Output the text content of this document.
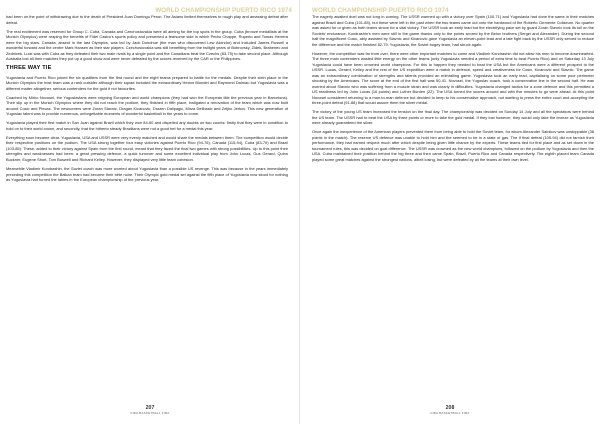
WORLD CHAMPIONSHIP PUERTO RICO 1974

had been on the point of withdrawing due to the death of President Juan Domingo Peron. The Asians limited themselves to rough play and amassing defeat after defeat.

The real excitement was reserved for Group C. Cuba, Canada and Czechoslovakia were all aiming for the top spots in the group. Cuba (bronze medallists at the Munich Olympics) were reaping the benefits of Fidel Castro's sports policy and presented a fearsome side in which Pedro Chappe, Ruperto and Tomas Herrera were the big stars. Canada, absent in the last Olympics, was led by Jack Donohue (the man who discovered Lew Alcindor) and included James Russell a wonderful forward and the centre Mark Hansen as their star players. Czechoslovakia was still benefiting from the twilight years of Bobrovsky, Zidek, Brabenec and Zednicek. Luck was with Cuba as they defeated their two main rivals by a single point and the Canadians beat the Czechs (83-75) to take second place. Although Australia lost all their matches they put up a good show and were never defeated by the scores received by the CAR or the Philippines.

THREE WAY TIE

Yugoslavia and Puerto Rico joined the six qualifiers from the first round and the eight teams prepared to battle for the medals. Despite their sixth place in the Munich Olympics the host team was a rank outsider although their squad included the extraordinary Hector Blondet and Raymond Dalmau but Yugoslavia was a different matter altogether, serious contenders for the gold if not favourites.

Coached by Mirko Novosel, the Yugoslavians were reigning European and world champions (they had won the European title the previous year in Barcelona). Their slip up in the Munich Olympics where they did not reach the podium, they finished in fifth place, instigated a renovation of the team which was now built around Cosic and Plecas. The newcomers were Zoran Slavnic, Dragan Kicanovic, Drazen Dalipagic, Mirza Delibasic and Zeljko Jerkov. This new generation of Yugoslav talent was to provide numerous, unforgettable moments of wonderful basketball in the years to come.

Yugoslavia played their first match in San Juan against Brazil which they won 84-60 and dispelled any doubts on two counts: firstly that they were in condition to hold on to their world crown, and secondly, that the hitherto steady Brazilians were not a good bet for a medal this year.

Everything soon became clear. Yugoslavia, USA and USSR were very evenly matched and would share the medals between them. The competition would decide their respective positions on the podium. The USA strung together four easy victories against Puerto Rico (94-76), Canada (115-94), Cuba (83-70) and Brazil (103-85). These, added to their victory against Spain from the first round, meant that they faced the final two games with strong possibilities. Up to this point their strengths and weaknesses had been: a great pressing defence, a quick turnover and some excellent individual play from John Lucas, Gus Gerard, Quinn Buckner, Eugene Short, Tom Boswell and Richard Kelley. However, they displayed very little team cohesion.

Meanwhile Vladimir Kondrashin, the Soviet coach was more worried about Yugoslavia than a possible US revenge. This was because in the years immediately preceding this competition the Balkan team had become their bête noire. Their Olympic gold medal set against the fifth place of Yugoslavia now stood for nothing as Yugoslavia had turned the tables in the European championship of the previous year.

207
FIBA BASKETBALL FIBA
WORLD CHAMPIONSHIP PUERTO RICO 1974

The eagerly awaited duel was not long in coming. The USSR warmed up with a victory over Spain (100-71) and Yugoslavia had done the same in their matches against Brazil and Cuba (101-85), but these were left in the past when the two teams came out onto the hardwood of the Roberto Clemente Coliseum. No quarter was asked for or given as both teams strove for a vital victory. The USSR took an early lead but the electrifying pace set by guard Zoran Slavnic took its toll on the Soviets' endurance. Kondrashin's men were still in the game thanks only to the points scored by the Belov brothers (Sergei and Alexander). During the second half the magnificent Cosic, ably assisted by Slavnic and Kicanovic gave Yugoslavia an eleven-point lead and a late fight back by the USSR only served to reduce the difference and the match finished 82-79. Yugoslavia, the Soviet bogey team, had struck again.

However, the competition was far from over, there were other important matches to come and Vladimir Kondrashin did not allow his men to become downhearted. The three main contenders wasted little energy on the other teams (only Yugoslavia needed a period of extra time to beat Puerto Rico) and on Saturday 13 July Yugoslavia could have been crowned world champions. For this to happen they needed to beat the USA but the Americans were a different prospect to the USSR. Lucas, Gerard, Kelley and the rest of the US expedition were a match in defence, speed and creativeness for Cosic, Kicanovic and Slavnic. The game was an extraordinary combination of strengths and talents provided an enthralling game. Yugoslavia took an early lead, capitalising on some poor perimeter shooting by the Americans. The score at the end of the first half was 50-41. Novosel, the Yugoslav coach, took a conservative line in the second half. He was worried about Slavnic who was suffering from a muscle strain and was clearly in difficulties. Yugoslavia changed tactics for a zone defence and this permitted a US readiness led by John Lucas (16 points) and Luther Burden (22). The USA turned the scores around and with five minutes to go were ahead. At this point Novosel considered returning to a man-to-man defence but decided to keep to his conservative approach, not wanting to press the entire court and accepting the three-point defeat (91-88) that would assure them the silver medal.

The victory of the young US team increased the tension on the final day. The championship was decided on Sunday 14 July and all the spectators were behind the US team. The USSR had to beat the USA by three points or more to take the gold medal. If they lost however, they would only take the bronze as Yugoslavia were already guaranteed the silver.

Once again the inexperience of the American players prevented them from being able to hold the Soviet team, for whom Alexander Salnikov was unstoppable (38 points in the match). The reserve US defence was unable to hold him and the seemed to be in a state of gas. The if final defeat (105-94) did not tarnish their performance, they had earned respect much after which despite being given little chance by the experts. These teams tied for first place and as set down in the tournament rules, this was decided on goal difference. The USSR was crowned as the new world champions, followed on the podium by Yugoslavia and then the USA. Cuba maintained their position behind the big three and then came Spain, Brazil, Puerto Rico and Canada respectively. The eighth placed team Canada played some great matches against the strongest nations, albeit losing, but were defeated by all the teams at their own level.

208
FIBA BASKETBALL FIBA
